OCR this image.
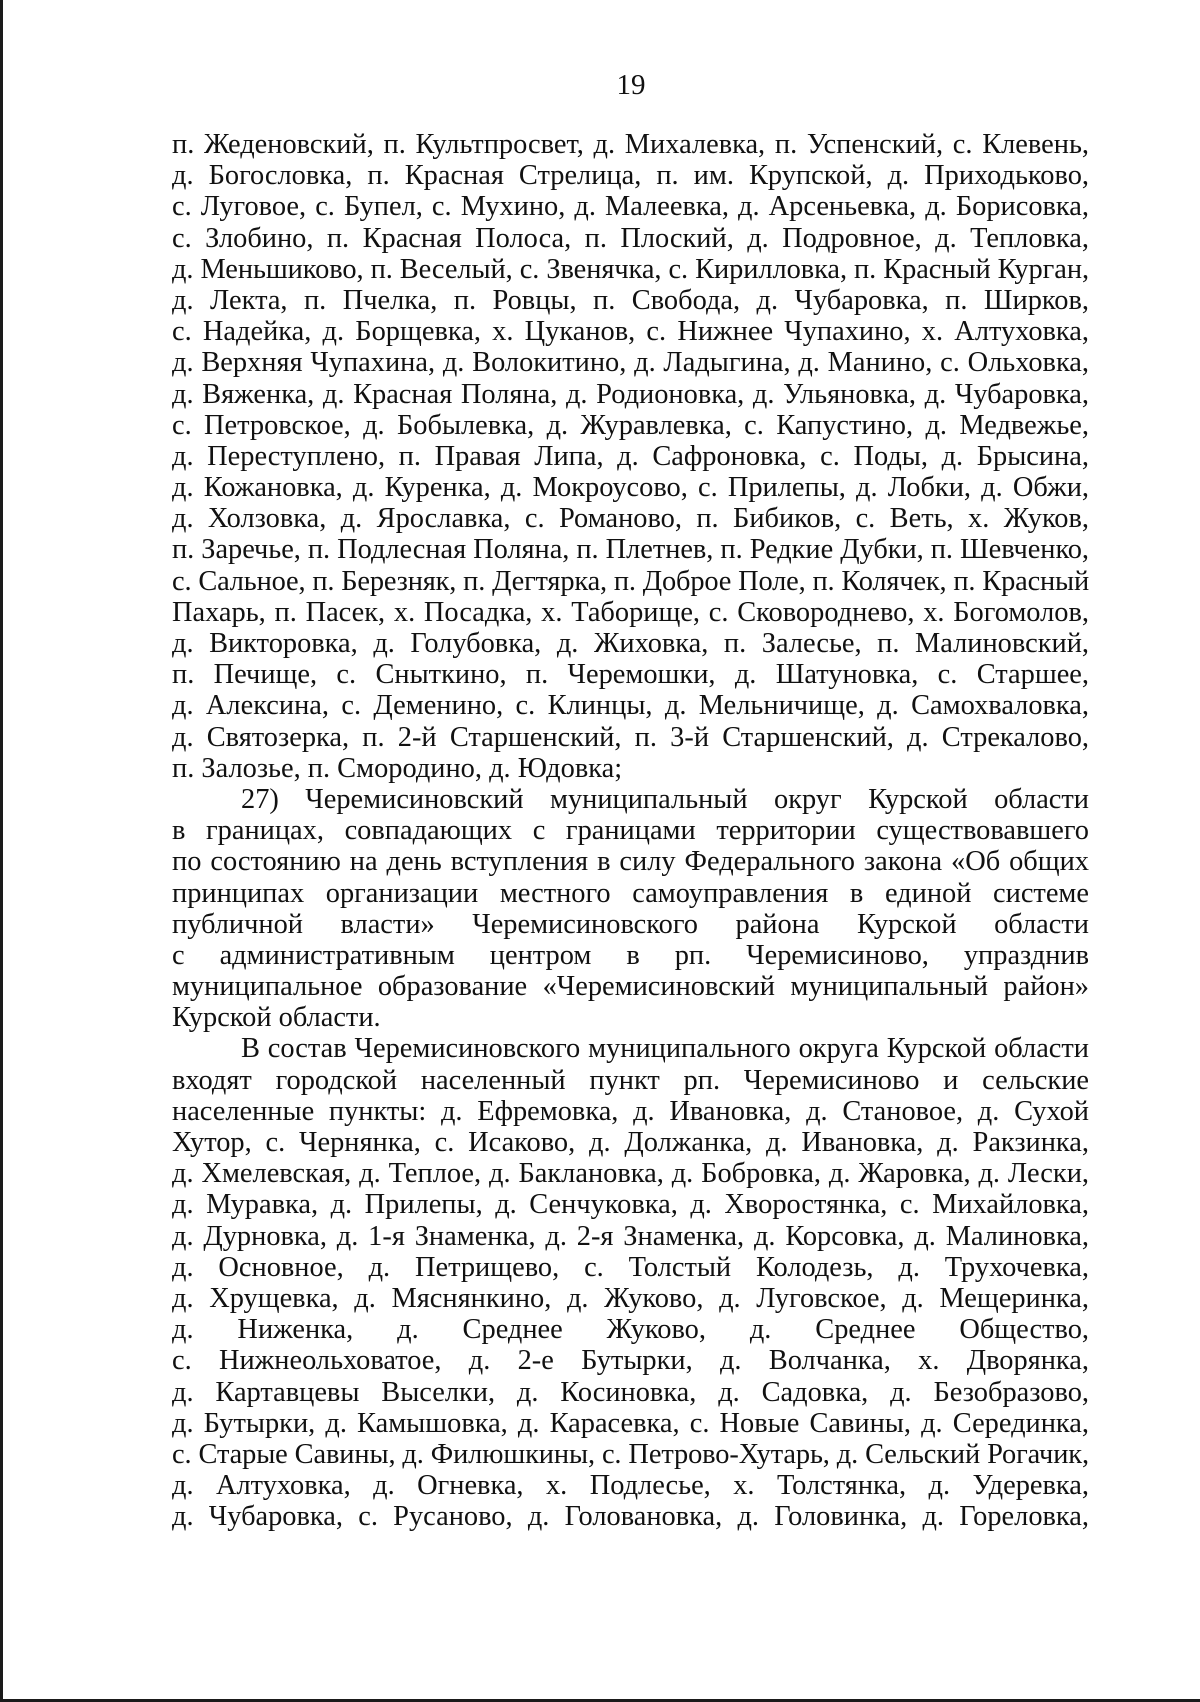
19
п. Жеденовский, п. Культпросвет, д. Михалевка, п. Успенский, с. Клевень,
д. Богословка, п. Красная Стрелица, п. им. Крупской, д. Приходьково,
с. Луговое, с. Бупел, с. Мухино, д. Малеевка, д. Арсеньевка, д. Борисовка,
с. Злобино, п. Красная Полоса, п. Плоский, д. Подровное, д. Тепловка,
д. Меньшиково, п. Веселый, с. Звенячка, с. Кирилловка, п. Красный Курган,
д. Лекта, п. Пчелка, п. Ровцы, п. Свобода, д. Чубаровка, п. Ширков,
с. Надейка, д. Борщевка, х. Цуканов, с. Нижнее Чупахино, х. Алтуховка,
д. Верхняя Чупахина, д. Волокитино, д. Ладыгина, д. Манино, с. Ольховка,
д. Вяженка, д. Красная Поляна, д. Родионовка, д. Ульяновка, д. Чубаровка,
с. Петровское, д. Бобылевка, д. Журавлевка, с. Капустино, д. Медвежье,
д. Переступлено, п. Правая Липа, д. Сафроновка, с. Поды, д. Брысина,
д. Кожановка, д. Куренка, д. Мокроусово, с. Прилепы, д. Лобки, д. Обжи,
д. Холзовка, д. Ярославка, с. Романово, п. Бибиков, с. Веть, х. Жуков,
п. Заречье, п. Подлесная Поляна, п. Плетнев, п. Редкие Дубки, п. Шевченко,
с. Сальное, п. Березняк, п. Дегтярка, п. Доброе Поле, п. Колячек, п. Красный
Пахарь, п. Пасек, х. Посадка, х. Таборище, с. Сковороднево, х. Богомолов,
д. Викторовка, д. Голубовка, д. Жиховка, п. Залесье, п. Малиновский,
п. Печище, с. Сныткино, п. Черемошки, д. Шатуновка, с. Старшее,
д. Алексина, с. Деменино, с. Клинцы, д. Мельничище, д. Самохваловка,
д. Святозерка, п. 2-й Старшенский, п. 3-й Старшенский, д. Стрекалово,
п. Залозье, п. Смородино, д. Юдовка;
27) Черемисиновский муниципальный округ Курской области
в границах, совпадающих с границами территории существовавшего
по состоянию на день вступления в силу Федерального закона «Об общих
принципах организации местного самоуправления в единой системе
публичной власти» Черемисиновского района Курской области
с административным центром в рп. Черемисиново, упразднив
муниципальное образование «Черемисиновский муниципальный район»
Курской области.
В состав Черемисиновского муниципального округа Курской области
входят городской населенный пункт рп. Черемисиново и сельские
населенные пункты: д. Ефремовка, д. Ивановка, д. Становое, д. Сухой
Хутор, с. Чернянка, с. Исаково, д. Должанка, д. Ивановка, д. Ракзинка,
д. Хмелевская, д. Теплое, д. Баклановка, д. Бобровка, д. Жаровка, д. Лески,
д. Муравка, д. Прилепы, д. Сенчуковка, д. Хворостянка, с. Михайловка,
д. Дурновка, д. 1-я Знаменка, д. 2-я Знаменка, д. Корсовка, д. Малиновка,
д. Основное, д. Петрищево, с. Толстый Колодезь, д. Трухочевка,
д. Хрущевка, д. Мяснянкино, д. Жуково, д. Луговское, д. Мещеринка,
д. Ниженка, д. Среднее Жуково, д. Среднее Общество,
с. Нижнеольховатое, д. 2-е Бутырки, д. Волчанка, х. Дворянка,
д. Картавцевы Выселки, д. Косиновка, д. Садовка, д. Безобразово,
д. Бутырки, д. Камышовка, д. Карасевка, с. Новые Савины, д. Серединка,
с. Старые Савины, д. Филюшкины, с. Петрово-Хутарь, д. Сельский Рогачик,
д. Алтуховка, д. Огневка, х. Подлесье, х. Толстянка, д. Удеревка,
д. Чубаровка, с. Русаново, д. Головановка, д. Головинка, д. Гореловка,
